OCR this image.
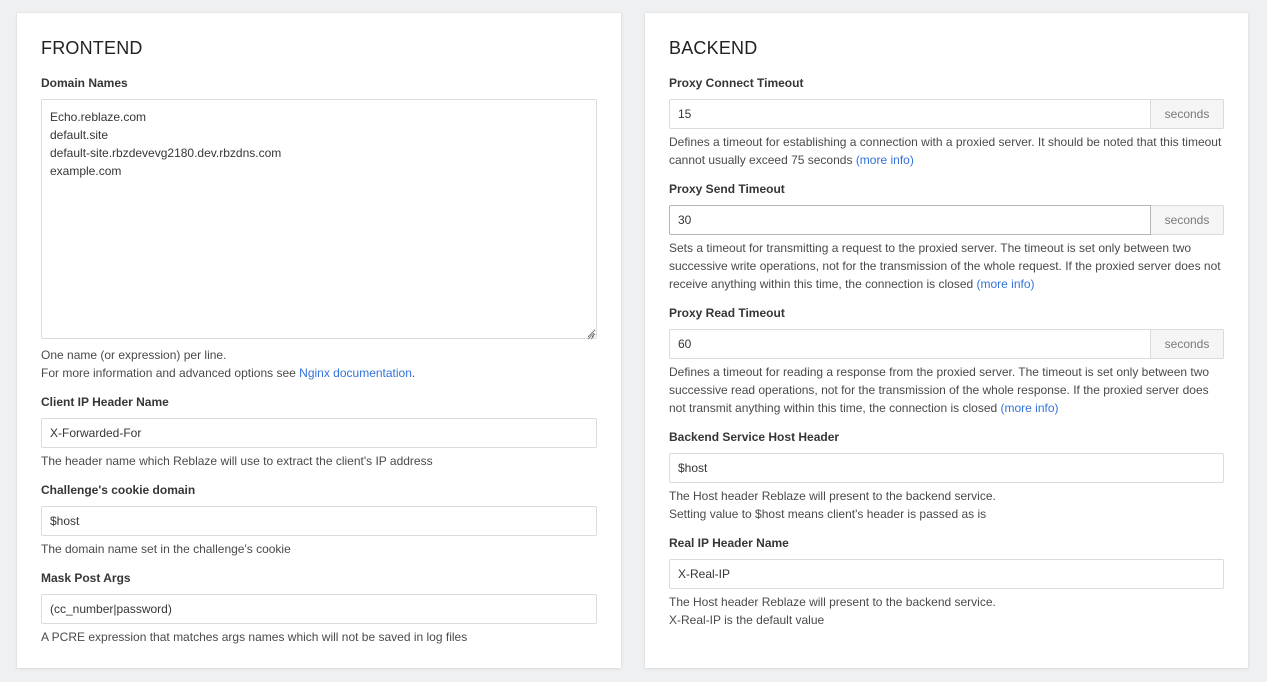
FRONTEND
Domain Names
Echo.reblaze.com default.site default-site.rbzdevevg2180.dev.rbzdns.com example.com
One name (or expression) per line.
For more information and advanced options see Nginx documentation.
Client IP Header Name
X-Forwarded-For
The header name which Reblaze will use to extract the client's IP address
Challenge's cookie domain
$host
The domain name set in the challenge's cookie
Mask Post Args
(cc_number|password)
A PCRE expression that matches args names which will not be saved in log files
BACKEND
Proxy Connect Timeout
15
seconds
Defines a timeout for establishing a connection with a proxied server. It should be noted that this timeout cannot usually exceed 75 seconds (more info)
Proxy Send Timeout
30
seconds
Sets a timeout for transmitting a request to the proxied server. The timeout is set only between two successive write operations, not for the transmission of the whole request. If the proxied server does not receive anything within this time, the connection is closed (more info)
Proxy Read Timeout
60
seconds
Defines a timeout for reading a response from the proxied server. The timeout is set only between two successive read operations, not for the transmission of the whole response. If the proxied server does not transmit anything within this time, the connection is closed (more info)
Backend Service Host Header
$host
The Host header Reblaze will present to the backend service.
Setting value to $host means client's header is passed as is
Real IP Header Name
X-Real-IP
The Host header Reblaze will present to the backend service.
X-Real-IP is the default value
